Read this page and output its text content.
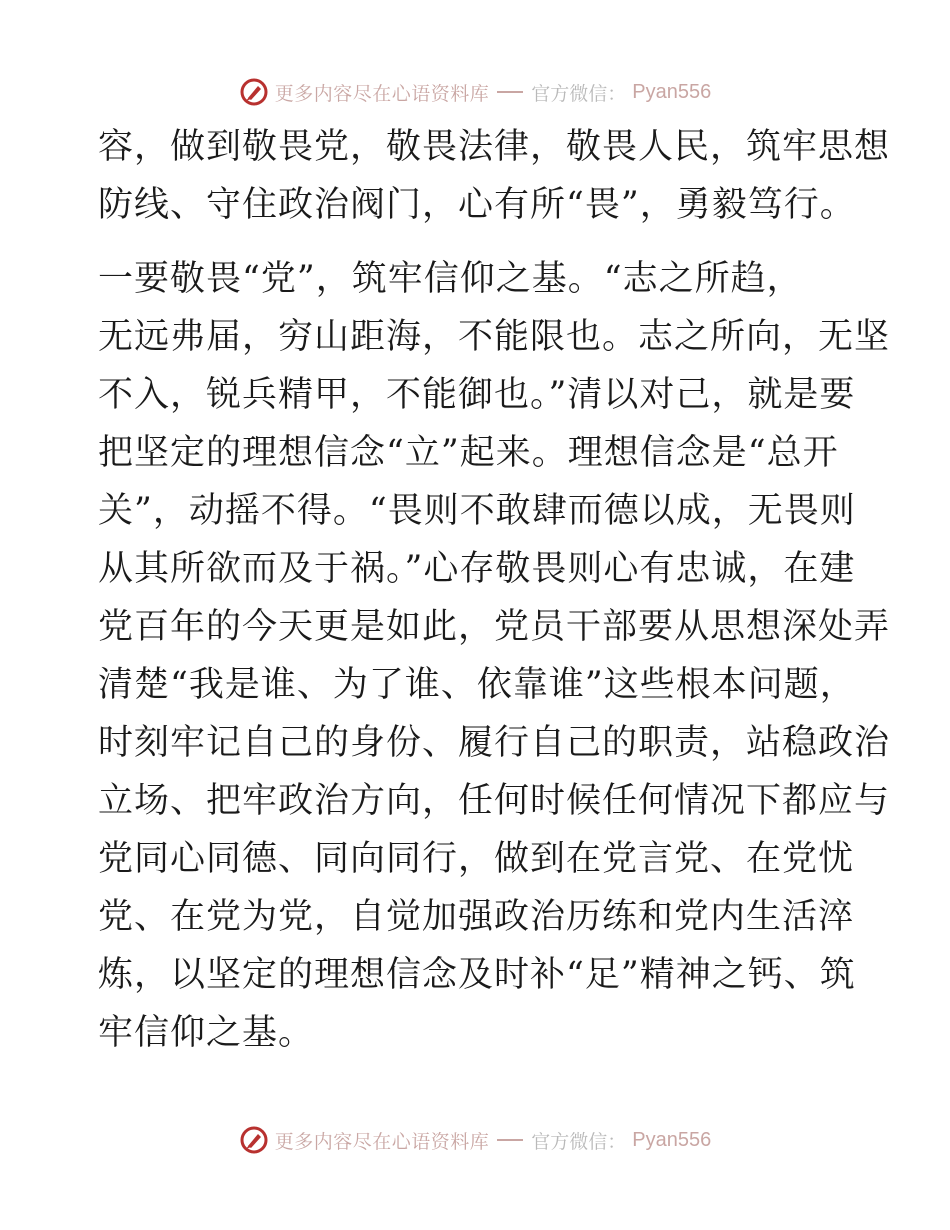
更多内容尽在心语资料库 官方微信： Pyan556
容，做到敬畏党，敬畏法律，敬畏人民，筑牢思想
防线、守住政治阀门，心有所“畏”，勇毅笃行。
一要敬畏“党”，筑牢信仰之基。“志之所趋，
无远弗届，穷山距海，不能限也。志之所向，无坚
不入，锐兵精甲，不能御也。”清以对己，就是要
把坚定的理想信念“立”起来。理想信念是“总开
关”，动摇不得。“畏则不敢肆而德以成，无畏则
从其所欲而及于祸。”心存敬畏则心有忠诚，在建
党百年的今天更是如此，党员干部要从思想深处弄
清楚“我是谁、为了谁、依靠谁”这些根本问题，
时刻牢记自己的身份、履行自己的职责，站稳政治
立场、把牢政治方向，任何时候任何情况下都应与
党同心同德、同向同行，做到在党言党、在党忧
党、在党为党，自觉加强政治历练和党内生活淬
炼，以坚定的理想信念及时补“足”精神之钙、筑
牢信仰之基。
更多内容尽在心语资料库 官方微信： Pyan556
